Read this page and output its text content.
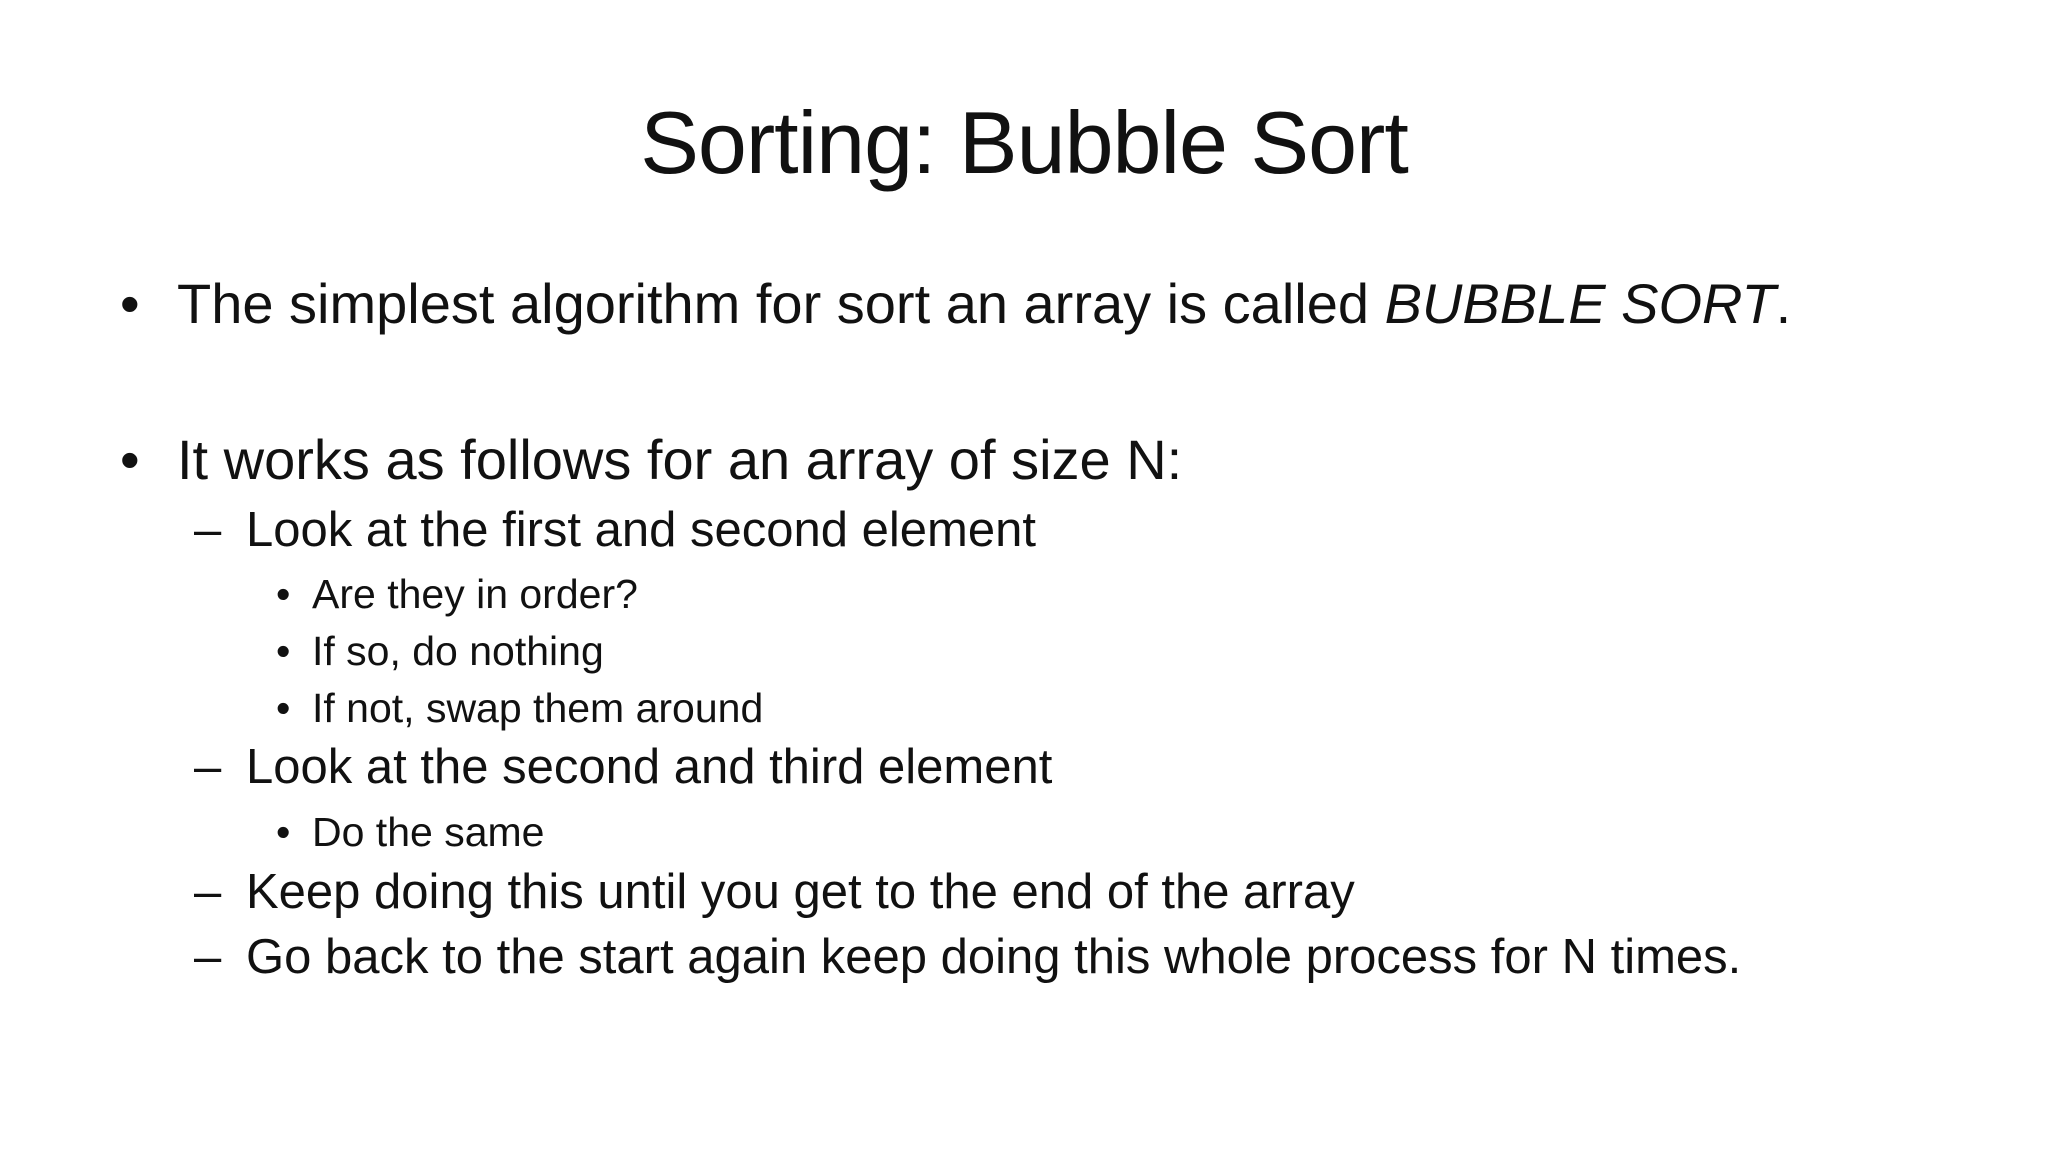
Sorting: Bubble Sort
• The simplest algorithm for sort an array is called BUBBLE SORT.
• It works as follows for an array of size N:
– Look at the first and second element
• Are they in order?
• If so, do nothing
• If not, swap them around
– Look at the second and third element
• Do the same
– Keep doing this until you get to the end of the array
– Go back to the start again keep doing this whole process for N times.
